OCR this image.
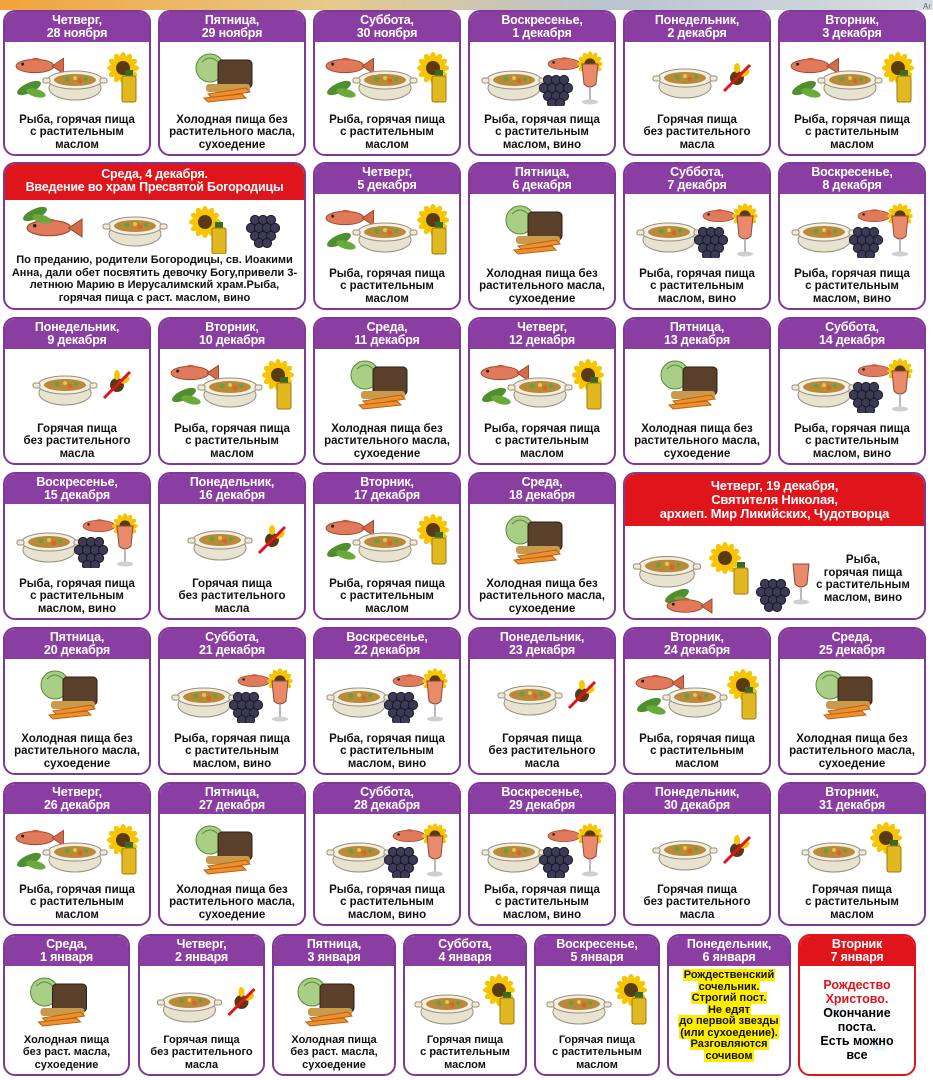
Ar
Четверг,
28 ноября
Рыба, горячая пища
с растительным
маслом
Пятница,
29 ноября
Холодная пища без
растительного масла,
сухоедение
Суббота,
30 ноября
Рыба, горячая пища
с растительным
маслом
Воскресенье,
1 декабря
Рыба, горячая пища
с растительным
маслом, вино
Понедельник,
2 декабря
Горячая пища
без растительного
масла
Вторник,
3 декабря
Рыба, горячая пища
с растительным
маслом
Среда, 4 декабря.
Введение во храм Пресвятой Богородицы
По преданию, родители Богородицы, св. Иоакими Анна, дали обет посвятить девочку Богу,привели 3-летнюю Марию в Иерусалимский храм.Рыба, горячая пища с раст. маслом, вино
Четверг,
5 декабря
Рыба, горячая пища
с растительным
маслом
Пятница,
6 декабря
Холодная пища без
растительного масла,
сухоедение
Суббота,
7 декабря
Рыба, горячая пища
с растительным
маслом, вино
Воскресенье,
8 декабря
Рыба, горячая пища
с растительным
маслом, вино
Понедельник,
9 декабря
Горячая пища
без растительного
масла
Вторник,
10 декабря
Рыба, горячая пища
с растительным
маслом
Среда,
11 декабря
Холодная пища без
растительного масла,
сухоедение
Четверг,
12 декабря
Рыба, горячая пища
с растительным
маслом
Пятница,
13 декабря
Холодная пища без
растительного масла,
сухоедение
Суббота,
14 декабря
Рыба, горячая пища
с растительным
маслом, вино
Воскресенье,
15 декабря
Рыба, горячая пища
с растительным
маслом, вино
Понедельник,
16 декабря
Горячая пища
без растительного
масла
Вторник,
17 декабря
Рыба, горячая пища
с растительным
маслом
Среда,
18 декабря
Холодная пища без
растительного масла,
сухоедение
Четверг, 19 декабря,
Святителя Николая,
архиеп. Мир Ликийских, Чудотворца
Рыба,
горячая пища
с растительным
маслом, вино
Пятница,
20 декабря
Холодная пища без
растительного масла,
сухоедение
Суббота,
21 декабря
Рыба, горячая пища
с растительным
маслом, вино
Воскресенье,
22 декабря
Рыба, горячая пища
с растительным
маслом, вино
Понедельник,
23 декабря
Горячая пища
без растительного
масла
Вторник,
24 декабря
Рыба, горячая пища
с растительным
маслом
Среда,
25 декабря
Холодная пища без
растительного масла,
сухоедение
Четверг,
26 декабря
Рыба, горячая пища
с растительным
маслом
Пятница,
27 декабря
Холодная пища без
растительного масла,
сухоедение
Суббота,
28 декабря
Рыба, горячая пища
с растительным
маслом, вино
Воскресенье,
29 декабря
Рыба, горячая пища
с растительным
маслом, вино
Понедельник,
30 декабря
Горячая пища
без растительного
масла
Вторник,
31 декабря
Горячая пища
с растительным
маслом
Среда,
1 января
Холодная пища
без раст. масла,
сухоедение
Четверг,
2 января
Горячая пища
без растительного
масла
Пятница,
3 января
Холодная пища
без раст. масла,
сухоедение
Суббота,
4 января
Горячая пища
с растительным
маслом
Воскресенье,
5 января
Горячая пища
с растительным
маслом
Понедельник,
6 января
Рождественский
сочельник.
Строгий пост.
Не едят
до первой звезды
(или сухоедение).
Разговляются
сочивом

Вторник
7 января
Рождество
Христово.
Окончание
поста.
Есть можно
все
